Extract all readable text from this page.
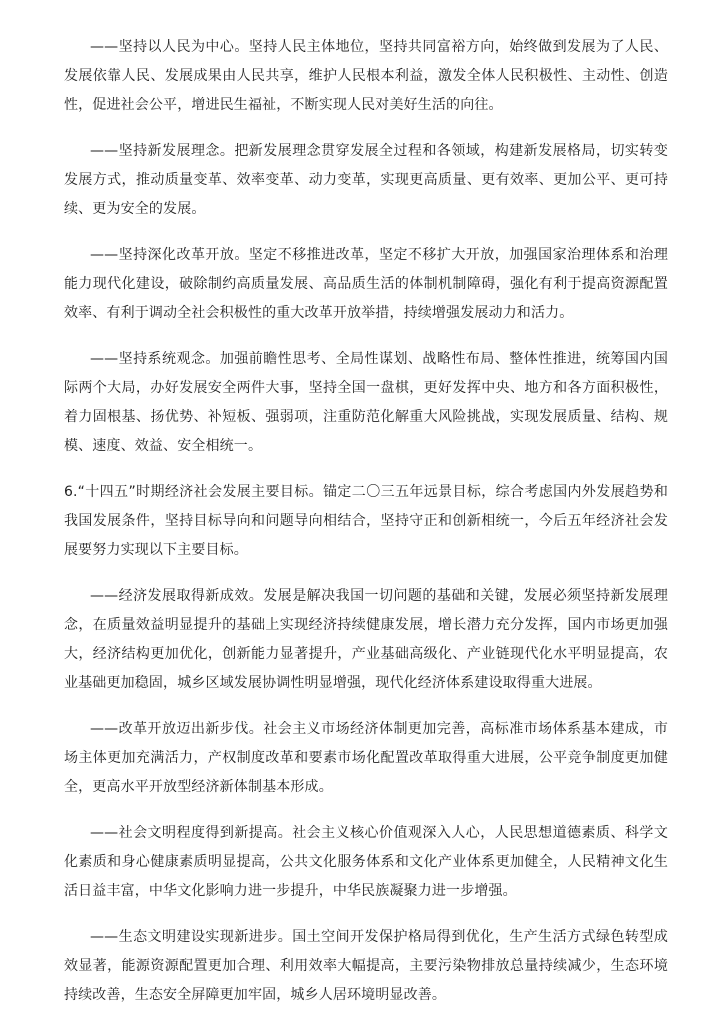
——坚持以人民为中心。坚持人民主体地位，坚持共同富裕方向，始终做到发展为了人民、发展依靠人民、发展成果由人民共享，维护人民根本利益，激发全体人民积极性、主动性、创造性，促进社会公平，增进民生福祉，不断实现人民对美好生活的向往。

——坚持新发展理念。把新发展理念贯穿发展全过程和各领域，构建新发展格局，切实转变发展方式，推动质量变革、效率变革、动力变革，实现更高质量、更有效率、更加公平、更可持续、更为安全的发展。

——坚持深化改革开放。坚定不移推进改革，坚定不移扩大开放，加强国家治理体系和治理能力现代化建设，破除制约高质量发展、高品质生活的体制机制障碍，强化有利于提高资源配置效率、有利于调动全社会积极性的重大改革开放举措，持续增强发展动力和活力。

——坚持系统观念。加强前瞻性思考、全局性谋划、战略性布局、整体性推进，统筹国内国际两个大局，办好发展安全两件大事，坚持全国一盘棋，更好发挥中央、地方和各方面积极性，着力固根基、扬优势、补短板、强弱项，注重防范化解重大风险挑战，实现发展质量、结构、规模、速度、效益、安全相统一。

6.“十四五”时期经济社会发展主要目标。锚定二〇三五年远景目标，综合考虑国内外发展趋势和我国发展条件，坚持目标导向和问题导向相结合，坚持守正和创新相统一，今后五年经济社会发展要努力实现以下主要目标。

——经济发展取得新成效。发展是解决我国一切问题的基础和关键，发展必须坚持新发展理念，在质量效益明显提升的基础上实现经济持续健康发展，增长潜力充分发挥，国内市场更加强大，经济结构更加优化，创新能力显著提升，产业基础高级化、产业链现代化水平明显提高，农业基础更加稳固，城乡区域发展协调性明显增强，现代化经济体系建设取得重大进展。

——改革开放迈出新步伐。社会主义市场经济体制更加完善，高标准市场体系基本建成，市场主体更加充满活力，产权制度改革和要素市场化配置改革取得重大进展，公平竞争制度更加健全，更高水平开放型经济新体制基本形成。

——社会文明程度得到新提高。社会主义核心价值观深入人心，人民思想道德素质、科学文化素质和身心健康素质明显提高，公共文化服务体系和文化产业体系更加健全，人民精神文化生活日益丰富，中华文化影响力进一步提升，中华民族凝聚力进一步增强。

——生态文明建设实现新进步。国土空间开发保护格局得到优化，生产生活方式绿色转型成效显著，能源资源配置更加合理、利用效率大幅提高，主要污染物排放总量持续减少，生态环境持续改善，生态安全屏障更加牢固，城乡人居环境明显改善。
